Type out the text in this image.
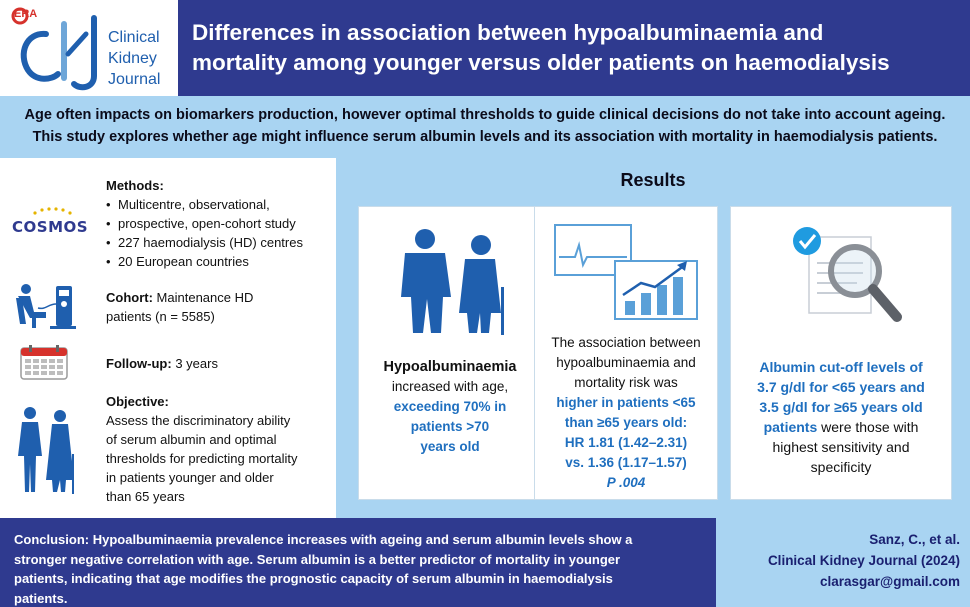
ERA
Clinical
Kidney
Journal
Differences in association between hypoalbuminaemia and
mortality among younger versus older patients on haemodialysis
Age often impacts on biomarkers production, however optimal thresholds to guide clinical decisions do not take into account ageing.
This study explores whether age might influence serum albumin levels and its association with mortality in haemodialysis patients.
COSMOS
Methods:
• Multicentre, observational,
• prospective, open-cohort study
• 227 haemodialysis (HD) centres
• 20 European countries
Cohort: Maintenance HD
patients (n = 5585)
Follow-up: 3 years
Objective:
Assess the discriminatory ability
of serum albumin and optimal
thresholds for predicting mortality
in patients younger and older
than 65 years
Results
Hypoalbuminaemia
increased with age,
exceeding 70% in
patients >70
years old
The association between
hypoalbuminaemia and
mortality risk was
higher in patients <65
than ≥65 years old:
HR 1.81 (1.42–2.31)
vs. 1.36 (1.17–1.57)
P .004
Albumin cut-off levels of
3.7 g/dl for <65 years and
3.5 g/dl for ≥65 years old
patients were those with
highest sensitivity and
specificity
Conclusion: Hypoalbuminaemia prevalence increases with ageing and serum albumin levels show a
stronger negative correlation with age. Serum albumin is a better predictor of mortality in younger
patients, indicating that age modifies the prognostic capacity of serum albumin in haemodialysis
patients.
Sanz, C., et al.
Clinical Kidney Journal (2024)
clarasgar@gmail.com
